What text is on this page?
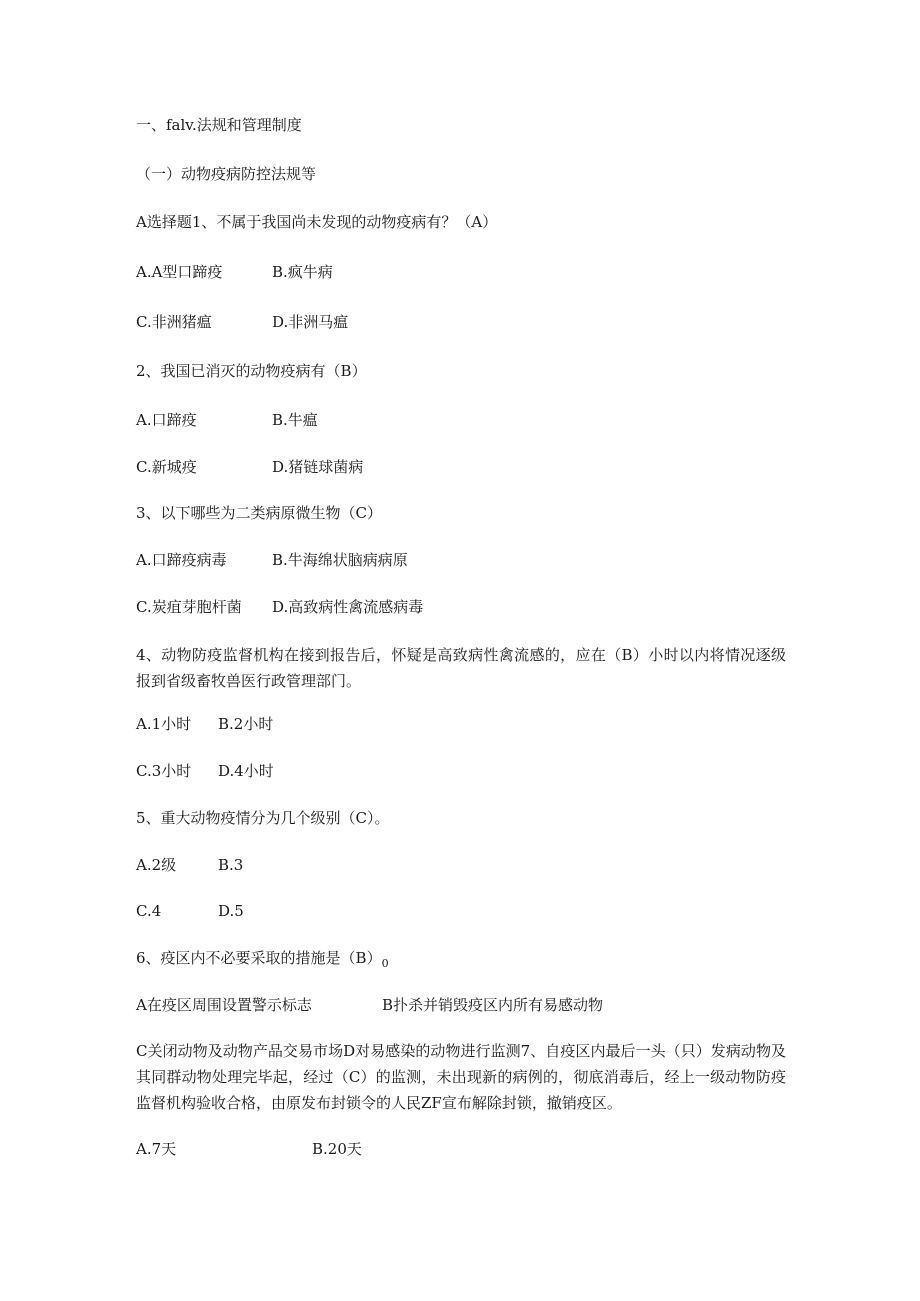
一、falv.法规和管理制度
（一）动物疫病防控法规等
A选择题1、不属于我国尚未发现的动物疫病有？（A）
A.A型口蹄疫	B.疯牛病
C.非洲猪瘟	D.非洲马瘟
2、我国已消灭的动物疫病有（B）
A.口蹄疫	B.牛瘟
C.新城疫	D.猪链球菌病
3、以下哪些为二类病原微生物（C）
A.口蹄疫病毒	B.牛海绵状脑病病原
C.炭疽芽胞杆菌 D.高致病性禽流感病毒
4、动物防疫监督机构在接到报告后，怀疑是高致病性禽流感的，应在（B）小时以内将情况逐级报到省级畜牧兽医行政管理部门。
A.1小时 B.2小时
C.3小时 D.4小时
5、重大动物疫情分为几个级别（C）。
A.2级	B.3
C.4	D.5
6、疫区内不必要采取的措施是$(B)_0$
A在疫区周围设置警示标志	B扑杀并销毁疫区内所有易感动物
C关闭动物及动物产品交易市场D对易感染的动物进行监测7、自疫区内最后一头（只）发病动物及其同群动物处理完毕起，经过（C）的监测，未出现新的病例的，彻底消毒后，经上一级动物防疫监督机构验收合格，由原发布封锁令的人民ZF宣布解除封锁，撤销疫区。
A.7天	B.20天
